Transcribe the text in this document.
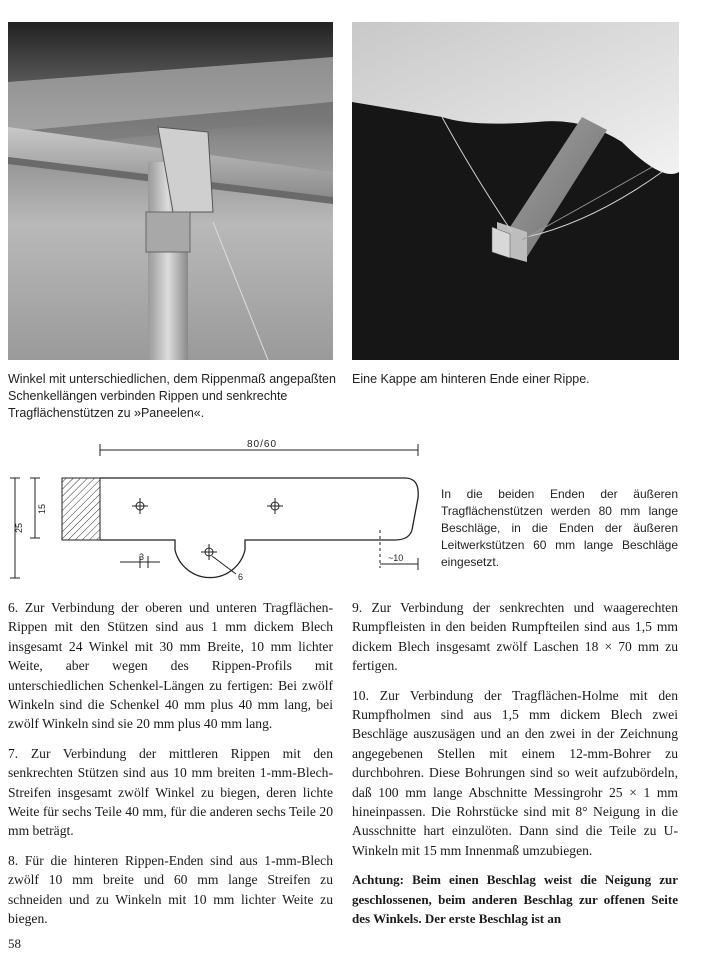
Winkel mit unterschiedlichen, dem Rippenmaß angepaßten Schenkellängen verbinden Rippen und senkrechte Tragflächenstützen zu »Paneelen«.

Eine Kappe am hinteren Ende einer Rippe.

80/60
25
15
6
3	~10

In die beiden Enden der äußeren Tragflächenstützen werden 80 mm lange Beschläge, in die Enden der äußeren Leitwerkstützen 60 mm lange Beschläge eingesetzt.

6. Zur Verbindung der oberen und unteren Tragflächen-Rippen mit den Stützen sind aus 1 mm dickem Blech insgesamt 24 Winkel mit 30 mm Breite, 10 mm lichter Weite, aber wegen des Rippen-Profils mit unterschiedlichen Schenkel-Längen zu fertigen: Bei zwölf Winkeln sind die Schenkel 40 mm plus 40 mm lang, bei zwölf Winkeln sind sie 20 mm plus 40 mm lang.

7. Zur Verbindung der mittleren Rippen mit den senkrechten Stützen sind aus 10 mm breiten 1-mm-Blech-Streifen insgesamt zwölf Winkel zu biegen, deren lichte Weite für sechs Teile 40 mm, für die anderen sechs Teile 20 mm beträgt.

8. Für die hinteren Rippen-Enden sind aus 1-mm-Blech zwölf 10 mm breite und 60 mm lange Streifen zu schneiden und zu Winkeln mit 10 mm lichter Weite zu biegen.

9. Zur Verbindung der senkrechten und waagerechten Rumpfleisten in den beiden Rumpfteilen sind aus 1,5 mm dickem Blech insgesamt zwölf Laschen 18 × 70 mm zu fertigen.

10. Zur Verbindung der Tragflächen-Holme mit den Rumpfholmen sind aus 1,5 mm dickem Blech zwei Beschläge auszusägen und an den zwei in der Zeichnung angegebenen Stellen mit einem 12-mm-Bohrer zu durchbohren. Diese Bohrungen sind so weit aufzubördeln, daß 100 mm lange Abschnitte Messingrohr 25 × 1 mm hineinpassen. Die Rohrstücke sind mit 8° Neigung in die Ausschnitte hart einzulöten. Dann sind die Teile zu U-Winkeln mit 15 mm Innenmaß umzubiegen.

Achtung: Beim einen Beschlag weist die Neigung zur geschlossenen, beim anderen Beschlag zur offenen Seite des Winkels. Der erste Beschlag ist an

58
